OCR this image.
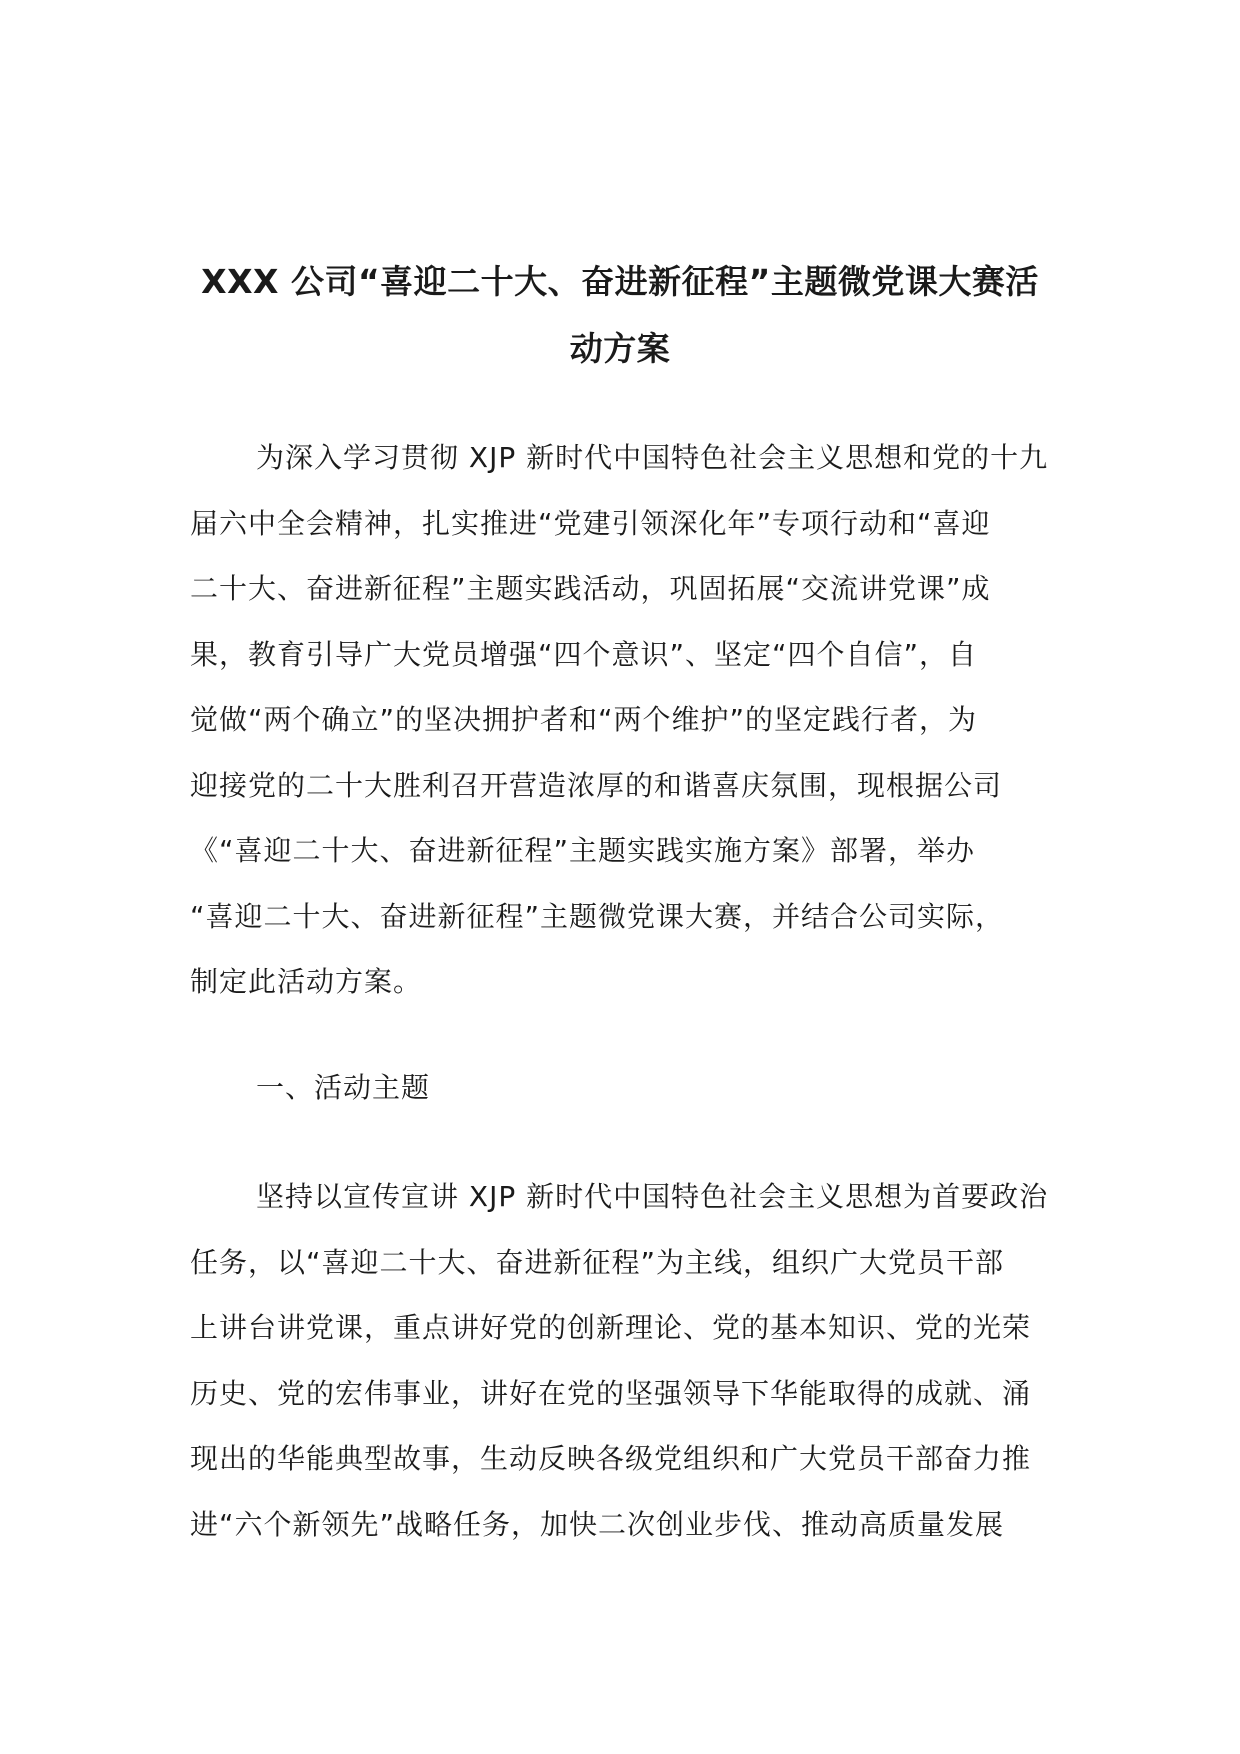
XXX 公司“喜迎二十大、奋进新征程”主题微党课大赛活
动方案

为深入学习贯彻 XJP 新时代中国特色社会主义思想和党的十九
届六中全会精神，扎实推进“党建引领深化年”专项行动和“喜迎
二十大、奋进新征程”主题实践活动，巩固拓展“交流讲党课”成
果，教育引导广大党员增强“四个意识”、坚定“四个自信”，自
觉做“两个确立”的坚决拥护者和“两个维护”的坚定践行者，为
迎接党的二十大胜利召开营造浓厚的和谐喜庆氛围，现根据公司
《“喜迎二十大、奋进新征程”主题实践实施方案》部署，举办
“喜迎二十大、奋进新征程”主题微党课大赛，并结合公司实际，
制定此活动方案。

一、活动主题

坚持以宣传宣讲 XJP 新时代中国特色社会主义思想为首要政治
任务，以“喜迎二十大、奋进新征程”为主线，组织广大党员干部
上讲台讲党课，重点讲好党的创新理论、党的基本知识、党的光荣
历史、党的宏伟事业，讲好在党的坚强领导下华能取得的成就、涌
现出的华能典型故事，生动反映各级党组织和广大党员干部奋力推
进“六个新领先”战略任务，加快二次创业步伐、推动高质量发展
